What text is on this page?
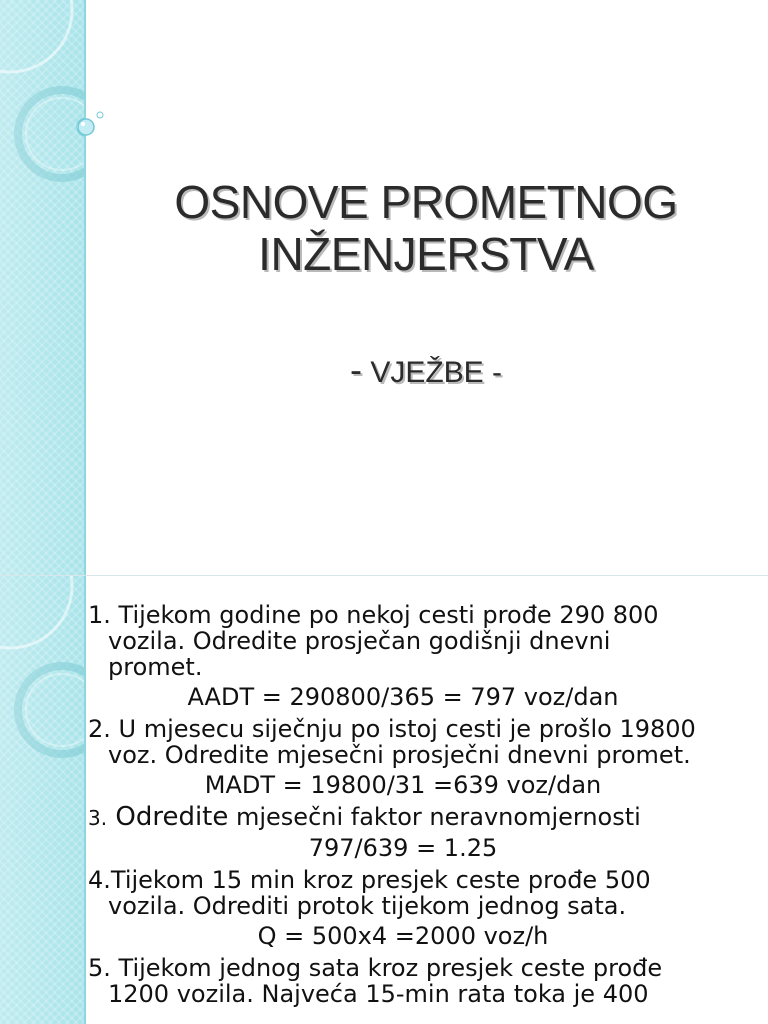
OSNOVE PROMETNOG
INŽENJERSTVA
- VJEŽBE -
1. Tijekom godine po nekoj cesti prođe 290 800
vozila. Odredite prosječan godišnji dnevni
promet.
AADT = 290800/365 = 797 voz/dan
2. U mjesecu siječnju po istoj cesti je prošlo 19800
voz. Odredite mjesečni prosječni dnevni promet.
MADT = 19800/31 =639 voz/dan
3. Odredite mjesečni faktor neravnomjernosti
797/639 = 1.25
4.Tijekom 15 min kroz presjek ceste prođe 500
vozila. Odrediti protok tijekom jednog sata.
Q = 500x4 =2000 voz/h
5. Tijekom jednog sata kroz presjek ceste prođe
1200 vozila. Najveća 15-min rata toka je 400
